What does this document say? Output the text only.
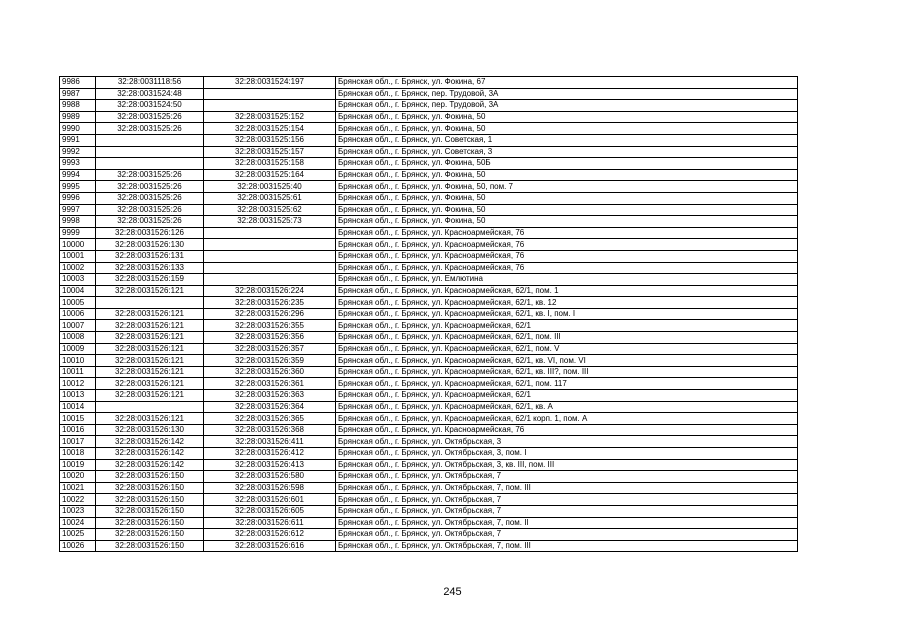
9986	32:28:0031118:56	32:28:0031524:197	Брянская обл., г. Брянск, ул. Фокина, 67
9987	32:28:0031524:48		Брянская обл., г. Брянск, пер. Трудовой, 3А
9988	32:28:0031524:50		Брянская обл., г. Брянск, пер. Трудовой, 3А
9989	32:28:0031525:26	32:28:0031525:152	Брянская обл., г. Брянск, ул. Фокина, 50
9990	32:28:0031525:26	32:28:0031525:154	Брянская обл., г. Брянск, ул. Фокина, 50
9991		32:28:0031525:156	Брянская обл., г. Брянск, ул. Советская, 1
9992		32:28:0031525:157	Брянская обл., г. Брянск, ул. Советская, 3
9993		32:28:0031525:158	Брянская обл., г. Брянск, ул. Фокина, 50Б
9994	32:28:0031525:26	32:28:0031525:164	Брянская обл., г. Брянск, ул. Фокина, 50
9995	32:28:0031525:26	32:28:0031525:40	Брянская обл., г. Брянск, ул. Фокина, 50, пом. 7
9996	32:28:0031525:26	32:28:0031525:61	Брянская обл., г. Брянск, ул. Фокина, 50
9997	32:28:0031525:26	32:28:0031525:62	Брянская обл., г. Брянск, ул. Фокина, 50
9998	32:28:0031525:26	32:28:0031525:73	Брянская обл., г. Брянск, ул. Фокина, 50
9999	32:28:0031526:126		Брянская обл., г. Брянск, ул. Красноармейская, 76
10000	32:28:0031526:130		Брянская обл., г. Брянск, ул. Красноармейская, 76
10001	32:28:0031526:131		Брянская обл., г. Брянск, ул. Красноармейская, 76
10002	32:28:0031526:133		Брянская обл., г. Брянск, ул. Красноармейская, 76
10003	32:28:0031526:159		Брянская обл., г. Брянск, ул. Емлютина
10004	32:28:0031526:121	32:28:0031526:224	Брянская обл., г. Брянск, ул. Красноармейская, 62/1, пом. 1
10005		32:28:0031526:235	Брянская обл., г. Брянск, ул. Красноармейская, 62/1, кв. 12
10006	32:28:0031526:121	32:28:0031526:296	Брянская обл., г. Брянск, ул. Красноармейская, 62/1, кв. I, пом. I
10007	32:28:0031526:121	32:28:0031526:355	Брянская обл., г. Брянск, ул. Красноармейская, 62/1
10008	32:28:0031526:121	32:28:0031526:356	Брянская обл., г. Брянск, ул. Красноармейская, 62/1, пом. III
10009	32:28:0031526:121	32:28:0031526:357	Брянская обл., г. Брянск, ул. Красноармейская, 62/1, пом. V
10010	32:28:0031526:121	32:28:0031526:359	Брянская обл., г. Брянск, ул. Красноармейская, 62/1, кв. VI, пом. VI
10011	32:28:0031526:121	32:28:0031526:360	Брянская обл., г. Брянск, ул. Красноармейская, 62/1, кв. III?, пом. III
10012	32:28:0031526:121	32:28:0031526:361	Брянская обл., г. Брянск, ул. Красноармейская, 62/1, пом. 117
10013	32:28:0031526:121	32:28:0031526:363	Брянская обл., г. Брянск, ул. Красноармейская, 62/1
10014		32:28:0031526:364	Брянская обл., г. Брянск, ул. Красноармейская, 62/1, кв. А
10015	32:28:0031526:121	32:28:0031526:365	Брянская обл., г. Брянск, ул. Красноармейская, 62/1 корп. 1, пом. А
10016	32:28:0031526:130	32:28:0031526:368	Брянская обл., г. Брянск, ул. Красноармейская, 76
10017	32:28:0031526:142	32:28:0031526:411	Брянская обл., г. Брянск, ул. Октябрьская, 3
10018	32:28:0031526:142	32:28:0031526:412	Брянская обл., г. Брянск, ул. Октябрьская, 3, пом. I
10019	32:28:0031526:142	32:28:0031526:413	Брянская обл., г. Брянск, ул. Октябрьская, 3, кв. III, пом. III
10020	32:28:0031526:150	32:28:0031526:580	Брянская обл., г. Брянск, ул. Октябрьская, 7
10021	32:28:0031526:150	32:28:0031526:598	Брянская обл., г. Брянск, ул. Октябрьская, 7, пом. III
10022	32:28:0031526:150	32:28:0031526:601	Брянская обл., г. Брянск, ул. Октябрьская, 7
10023	32:28:0031526:150	32:28:0031526:605	Брянская обл., г. Брянск, ул. Октябрьская, 7
10024	32:28:0031526:150	32:28:0031526:611	Брянская обл., г. Брянск, ул. Октябрьская, 7, пом. II
10025	32:28:0031526:150	32:28:0031526:612	Брянская обл., г. Брянск, ул. Октябрьская, 7
10026	32:28:0031526:150	32:28:0031526:616	Брянская обл., г. Брянск, ул. Октябрьская, 7, пом. III
245
